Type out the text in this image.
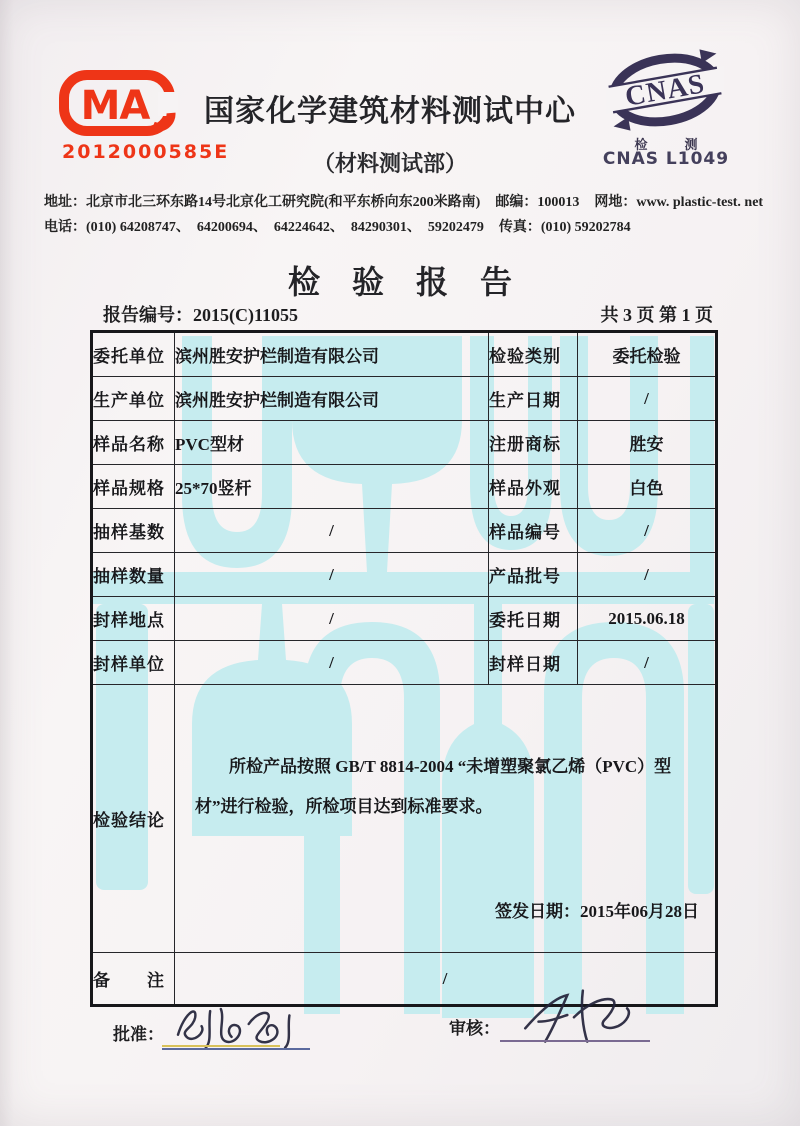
MA
2012000585E
国家化学建筑材料测试中心
（材料测试部）
CNAS
检　测
CNAS L1049
地址：北京市北三环东路14号北京化工研究院(和平东桥向东200米路南) 邮编：100013 网地：www. plastic-test. net
电话：(010) 64208747、  64200694、  64224642、  84290301、  59202479 传真：(010) 59202784
检　验　报　告
报告编号：2015(C)11055	共 3 页 第 1 页
委托单位	滨州胜安护栏制造有限公司	检验类别	委托检验
生产单位	滨州胜安护栏制造有限公司	生产日期	/
样品名称	PVC型材	注册商标	胜安
样品规格	25*70竖杆	样品外观	白色
抽样基数	/	样品编号	/
抽样数量	/	产品批号	/
封样地点	/	委托日期	2015.06.18
封样单位	/	封样日期	/
检验结论	所检产品按照 GB/T 8814-2004 “未增塑聚氯乙烯（PVC）型材”进行检验，所检项目达到标准要求。
签发日期：2015年06月28日		

备　　注	/		
批准：	审核：
